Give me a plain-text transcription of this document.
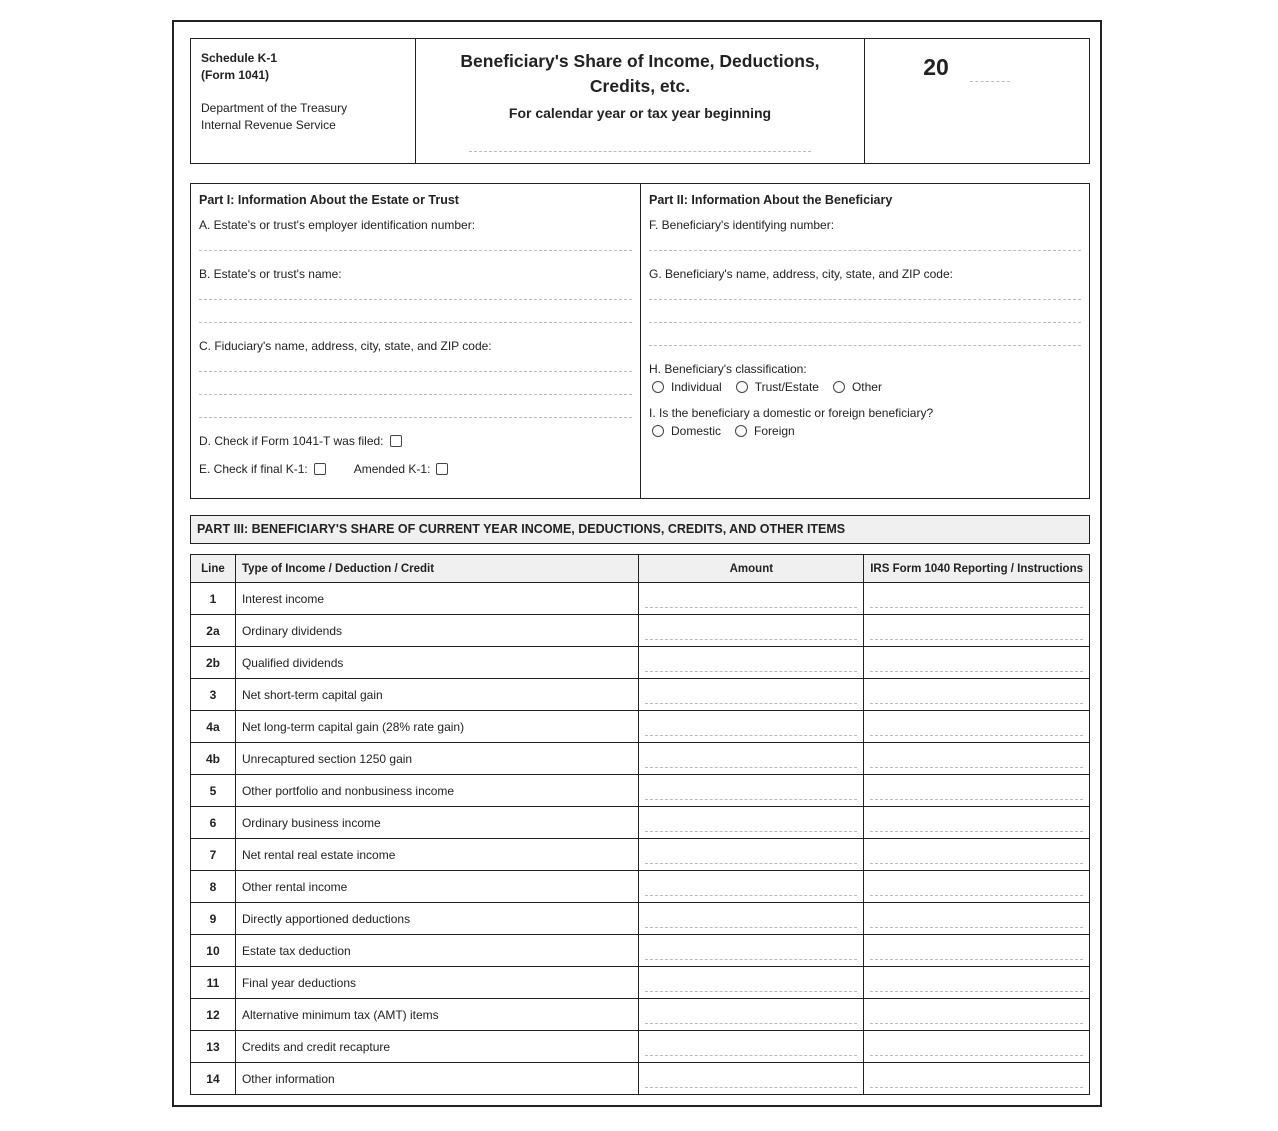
Schedule K-1
(Form 1041)
Department of the Treasury
Internal Revenue Service
Beneficiary's Share of Income, Deductions, Credits, etc.
For calendar year or tax year beginning
20
Part I: Information About the Estate or Trust
A. Estate's or trust's employer identification number:
B. Estate's or trust's name:
C. Fiduciary's name, address, city, state, and ZIP code:
D. Check if Form 1041-T was filed:
E. Check if final K-1:	Amended K-1:
Part II: Information About the Beneficiary
F. Beneficiary's identifying number:
G. Beneficiary's name, address, city, state, and ZIP code:
H. Beneficiary's classification:
Individual	Trust/Estate	Other
I. Is the beneficiary a domestic or foreign beneficiary?
Domestic	Foreign
PART III: BENEFICIARY'S SHARE OF CURRENT YEAR INCOME, DEDUCTIONS, CREDITS, AND OTHER ITEMS
Line	Type of Income / Deduction / Credit	Amount	IRS Form 1040 Reporting / Instructions
1	Interest income	

2a	Ordinary dividends	

2b	Qualified dividends	

3	Net short-term capital gain	

4a	Net long-term capital gain (28% rate gain)	

4b	Unrecaptured section 1250 gain	

5	Other portfolio and nonbusiness income	

6	Ordinary business income	

7	Net rental real estate income	

8	Other rental income	

9	Directly apportioned deductions	

10	Estate tax deduction	

11	Final year deductions	

12	Alternative minimum tax (AMT) items	

13	Credits and credit recapture	

14	Other information	
